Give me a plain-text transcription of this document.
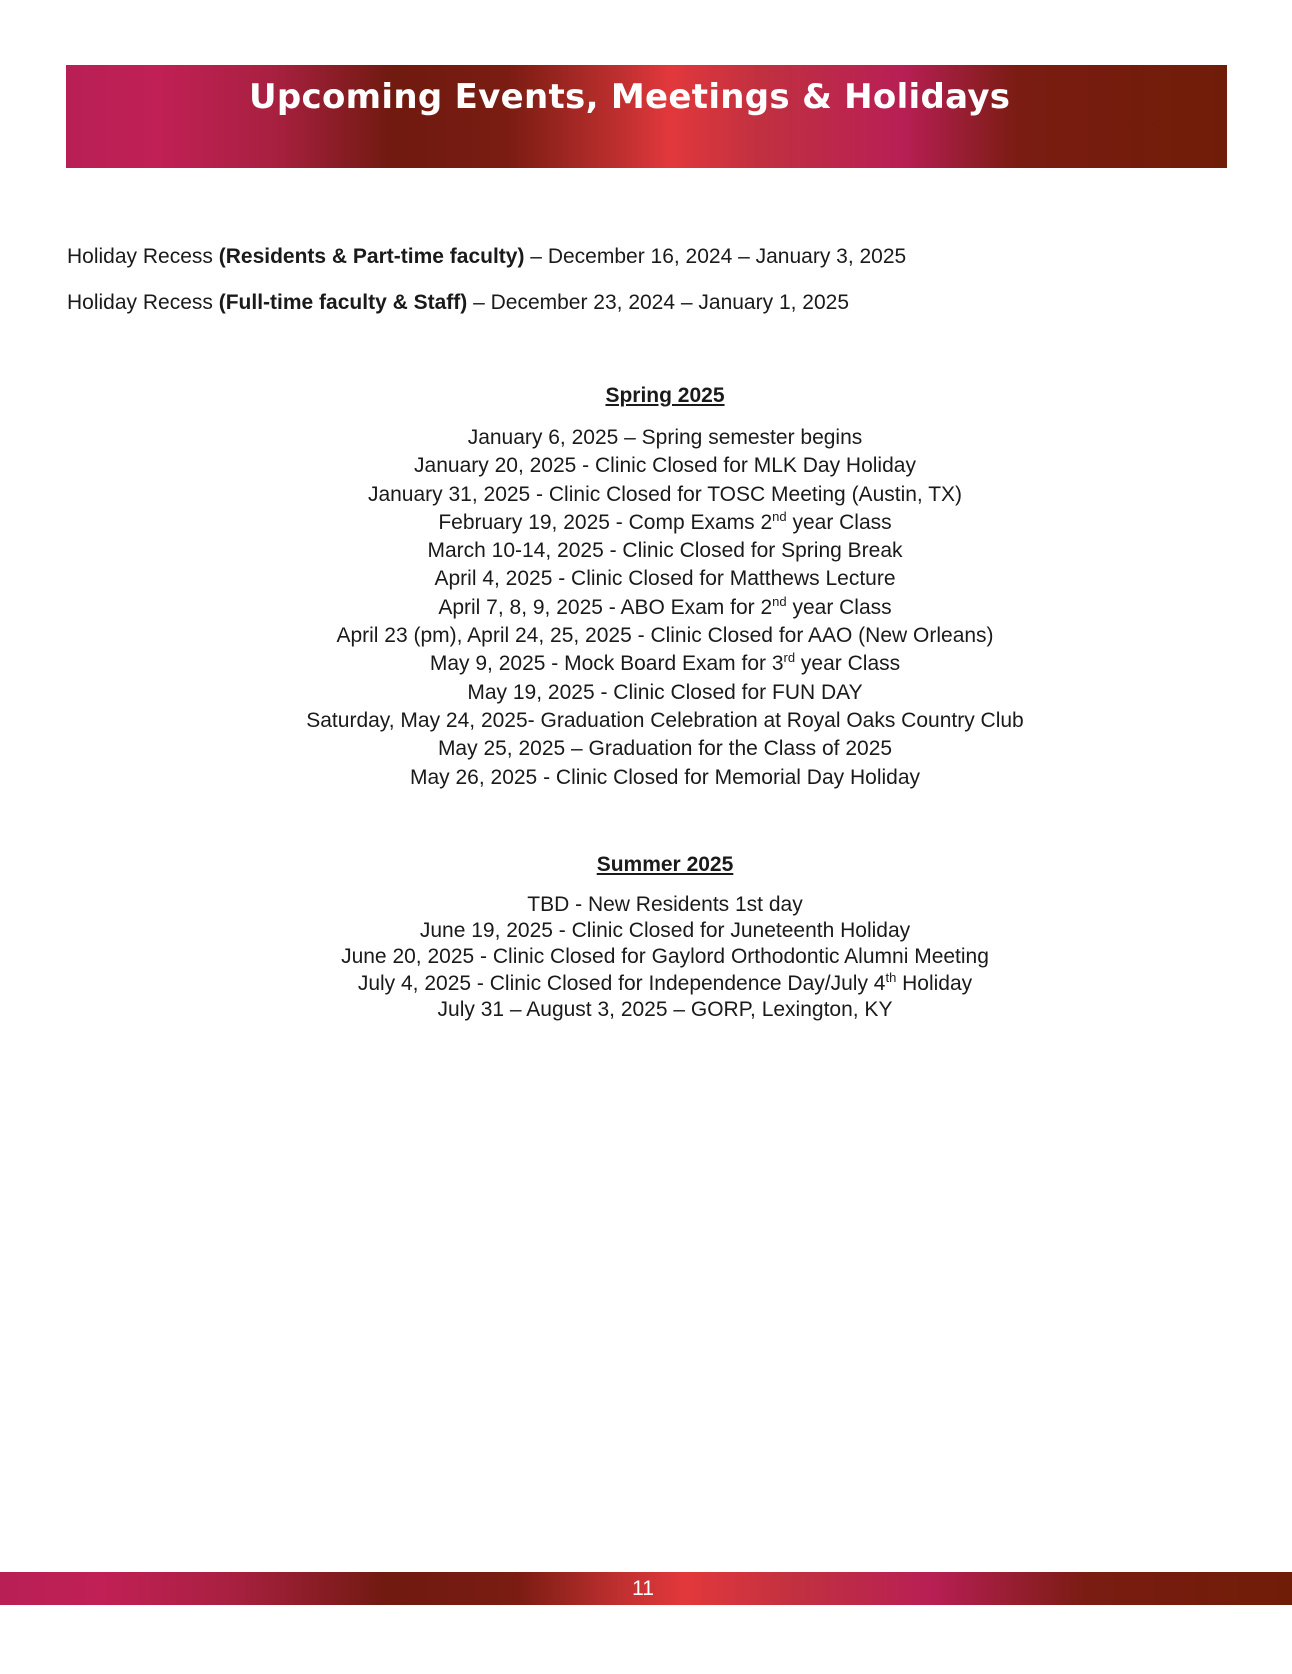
Upcoming Events, Meetings & Holidays
Holiday Recess (Residents & Part-time faculty) – December 16, 2024 – January 3, 2025
Holiday Recess (Full-time faculty & Staff) – December 23, 2024 – January 1, 2025

Spring 2025

January 6, 2025 – Spring semester begins
January 20, 2025 - Clinic Closed for MLK Day Holiday
January 31, 2025 - Clinic Closed for TOSC Meeting (Austin, TX)
February 19, 2025 - Comp Exams 2nd year Class
March 10-14, 2025 - Clinic Closed for Spring Break
April 4, 2025 - Clinic Closed for Matthews Lecture
April 7, 8, 9, 2025 - ABO Exam for 2nd year Class
April 23 (pm), April 24, 25, 2025 - Clinic Closed for AAO (New Orleans)
May 9, 2025 - Mock Board Exam for 3rd year Class
May 19, 2025 - Clinic Closed for FUN DAY
Saturday, May 24, 2025- Graduation Celebration at Royal Oaks Country Club
May 25, 2025 – Graduation for the Class of 2025
May 26, 2025 - Clinic Closed for Memorial Day Holiday

Summer 2025

TBD - New Residents 1st day
June 19, 2025 - Clinic Closed for Juneteenth Holiday
June 20, 2025 - Clinic Closed for Gaylord Orthodontic Alumni Meeting
July 4, 2025 - Clinic Closed for Independence Day/July 4th Holiday
July 31 – August 3, 2025 – GORP, Lexington, KY
11
